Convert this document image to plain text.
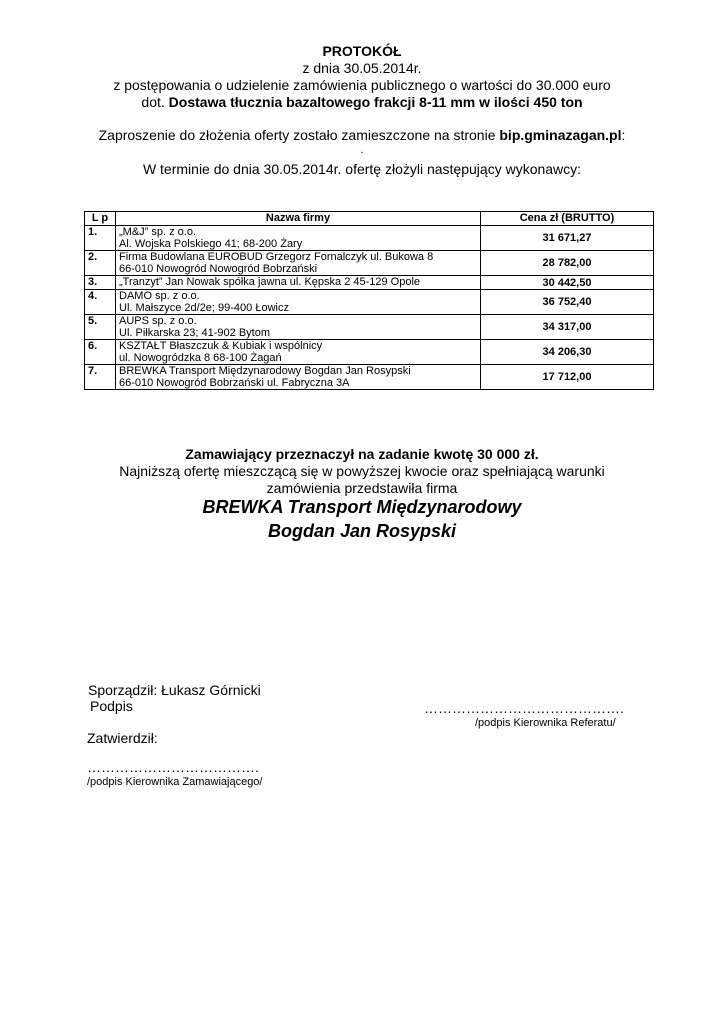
PROTOKÓŁ
z dnia 30.05.2014r.
z postępowania o udzielenie zamówienia publicznego o wartości do 30.000 euro
dot. Dostawa tłucznia bazaltowego frakcji 8-11 mm w ilości 450 ton
Zaproszenie do złożenia oferty zostało zamieszczone na stronie bip.gminazagan.pl:
.
W terminie do dnia 30.05.2014r. ofertę złożyli następujący wykonawcy:
L p	Nazwa firmy	Cena zł (BRUTTO)
1.	„M&J” sp. z o.o.
Al. Wojska Polskiego 41; 68-200 Żary	31 671,27
2.	Firma Budowlana EUROBUD Grzegorz Fornalczyk ul. Bukowa 8
66-010 Nowogród Nowogród Bobrzański	28 782,00
3.	„Tranzyt” Jan Nowak spółka jawna ul. Kępska 2 45-129 Opole	30 442,50
4.	DAMO sp. z o.o.
Ul. Małszyce 2d/2e; 99-400 Łowicz	36 752,40
5.	AUPS sp. z o.o.
Ul. Piłkarska 23; 41-902 Bytom	34 317,00
6.	KSZTAŁT Błaszczuk & Kubiak i wspólnicy
ul. Nowogródzka 8 68-100 Żagań	34 206,30
7.	BREWKA Transport Międzynarodowy Bogdan Jan Rosypski
66-010 Nowogród Bobrzański ul. Fabryczna 3A	17 712,00
Zamawiający przeznaczył na zadanie kwotę 30 000 zł.
Najniższą ofertę mieszczącą się w powyższej kwocie oraz spełniającą warunki
zamówienia przedstawiła firma
BREWKA Transport Międzynarodowy
Bogdan Jan Rosypski
Sporządził: Łukasz Górnicki
Podpis	…………………………………….
/podpis Kierownika Referatu/
Zatwierdził:
……………………………….
/podpis Kierownika Zamawiającego/
